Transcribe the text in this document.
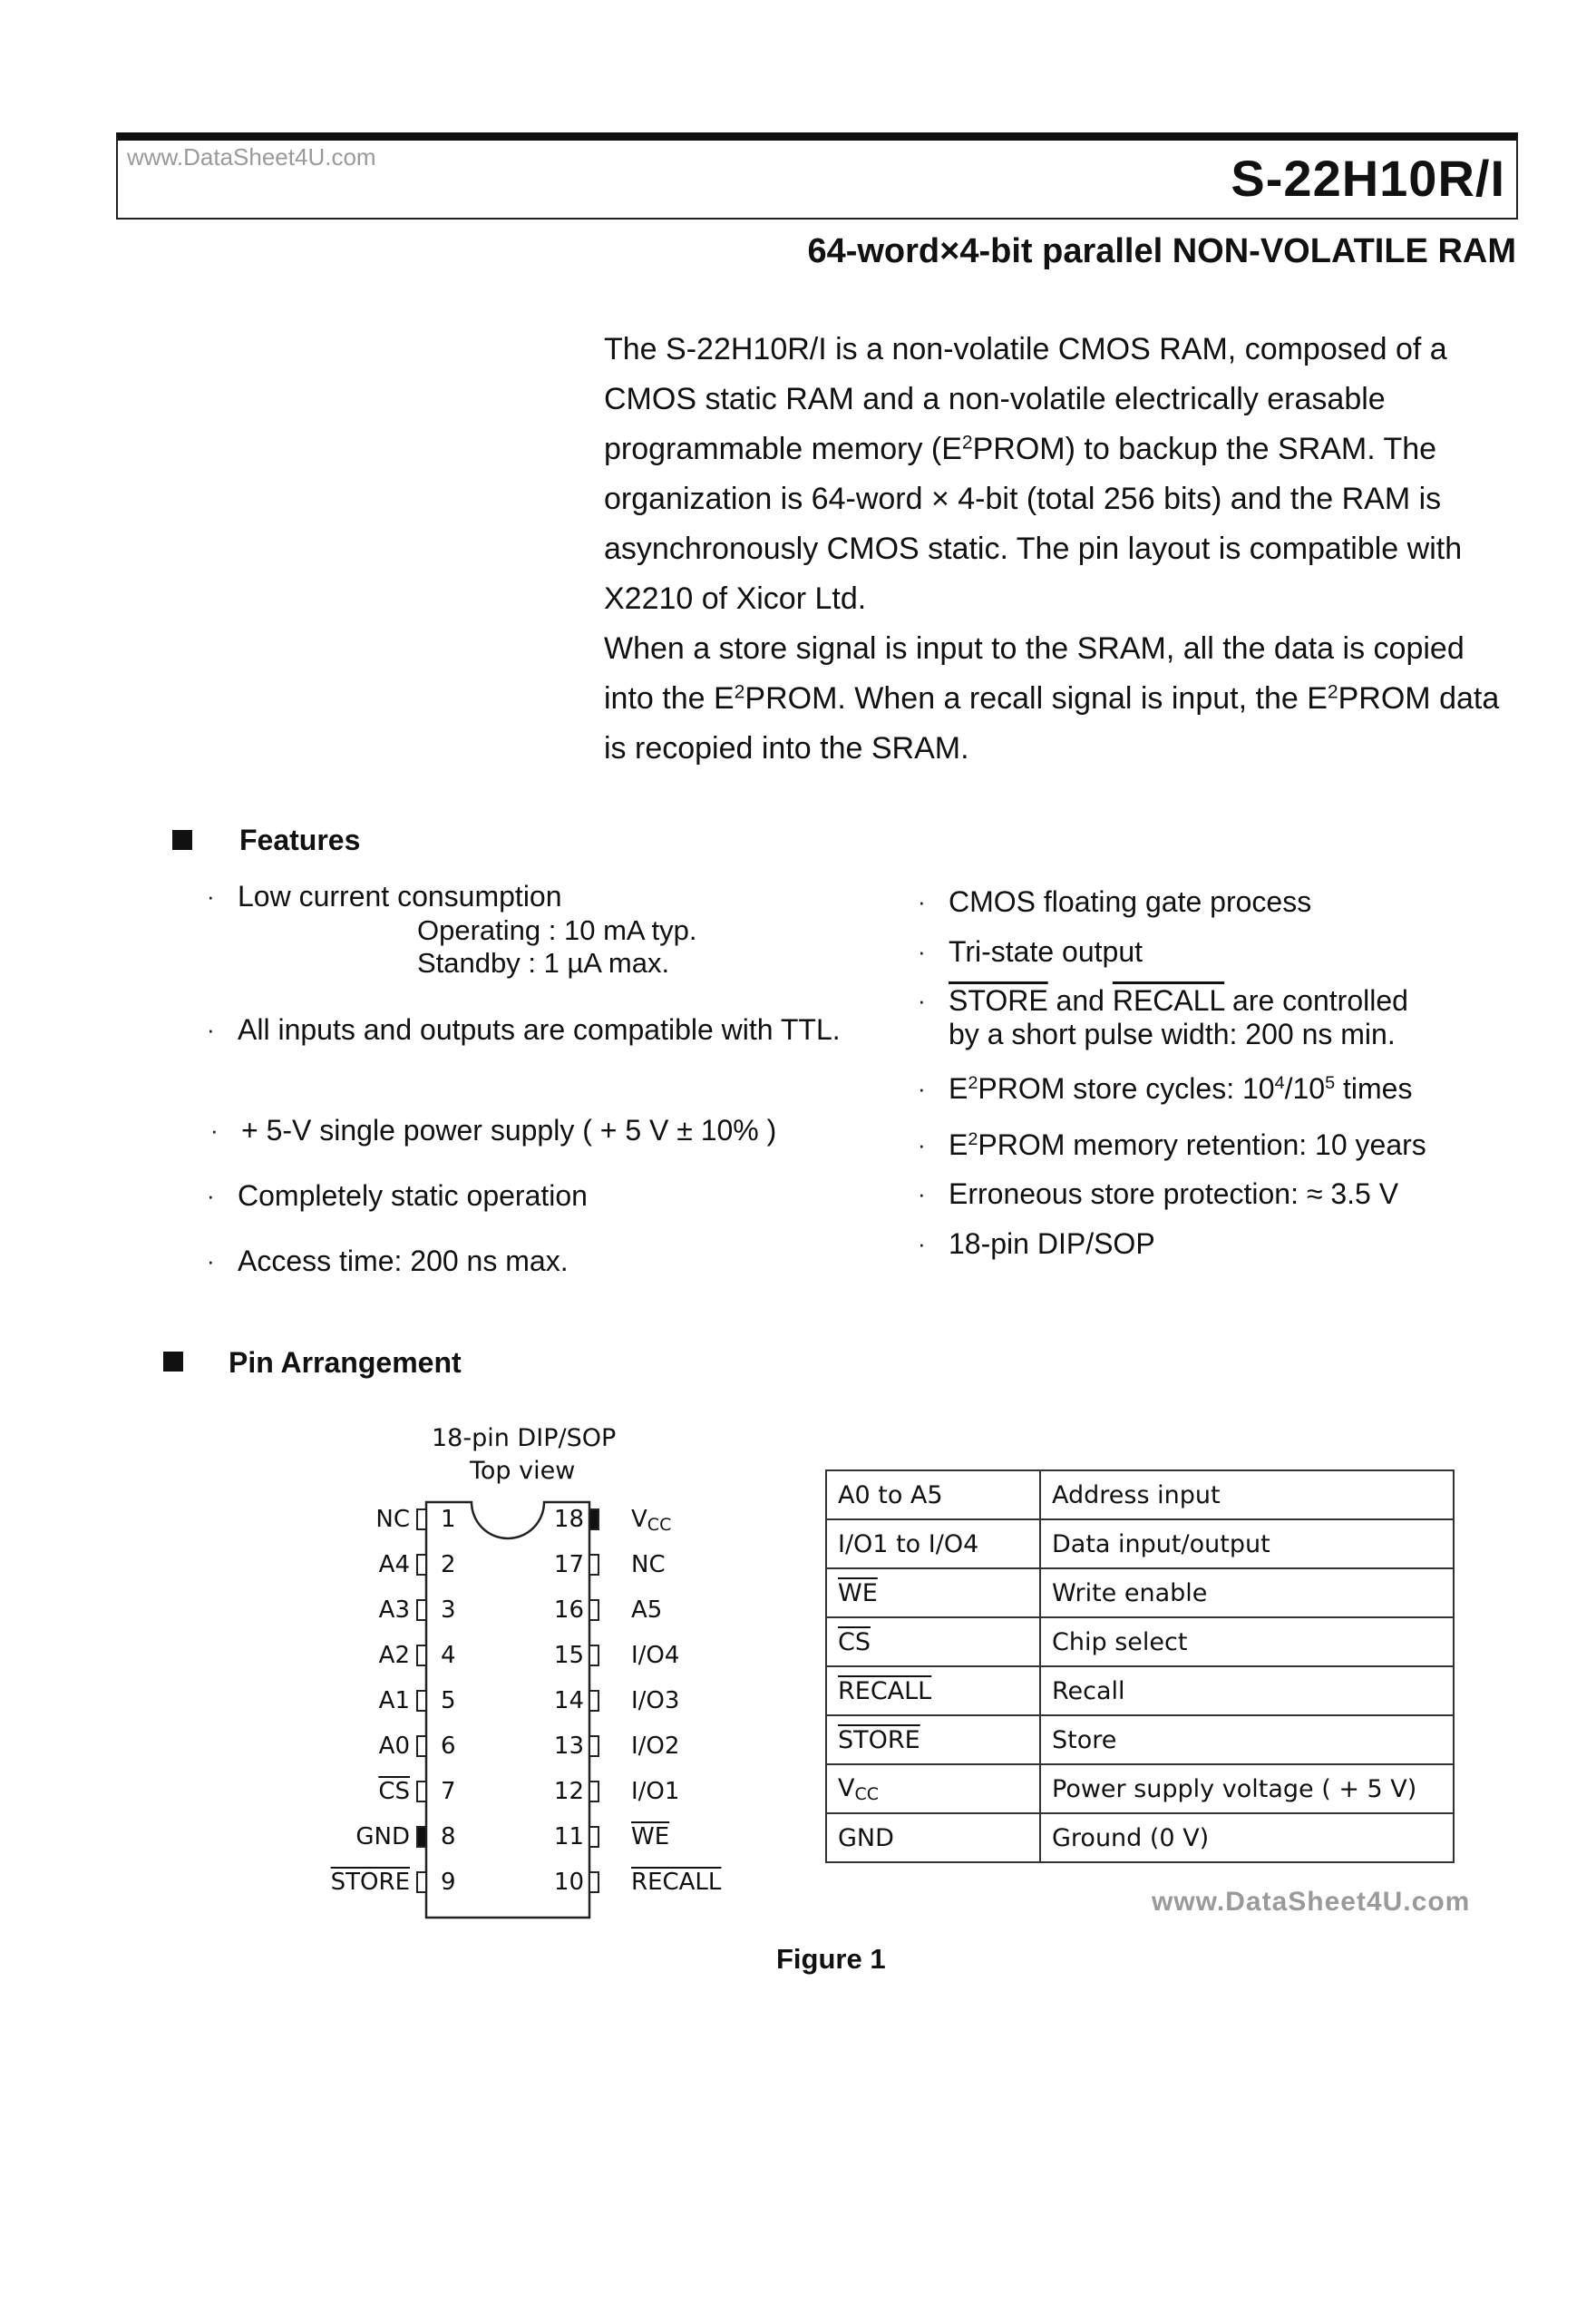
www.DataSheet4U.com	S-22H10R/I
64-word×4-bit parallel NON-VOLATILE RAM

The S-22H10R/I is a non-volatile CMOS RAM, composed of a CMOS static RAM and a non-volatile electrically erasable programmable memory $(E^2PROM)$ to backup the SRAM. The organization is 64-word × 4-bit (total 256 bits) and the RAM is asynchronously CMOS static. The pin layout is compatible with X2210 of Xicor Ltd.

When a store signal is input to the SRAM, all the data is copied into the $E^2PROM$. When a recall signal is input, the $E^2PROM$ data is recopied into the SRAM.

Features
· Low current consumption
Operating : 10 mA typ.
Standby : 1 µA max.
· All inputs and outputs are compatible with TTL.
· + 5-V single power supply ( + 5 V ± 10% )
· Completely static operation
· Access time: 200 ns max.
· CMOS floating gate process
· Tri-state output
· STORE and RECALL are controlled
by a short pulse width: 200 ns min.
· $E^2PROM$ store cycles: $10^4/10^5$ times
· $E^2PROM$ memory retention: 10 years
· Erroneous store protection: ≈ 3.5 V
· 18-pin DIP/SOP
Pin Arrangement
18-pin DIP/SOP
Top view
A0 to A5	Address input
I/O1 to I/O4	Data input/output
$\overline{WE}$	Write enable
$\overline{CS}$	Chip select
RECALL	Recall
STORE	Store
VCC	Power supply voltage ( + 5 V)
GND	Ground (0 V)
www.DataSheet4U.com
Figure 1
1
NC
2
A4
3
A3
4
A2
5
A1
6
A0
7
$\overline{CS}$
8
GND
9
STORE
18 VCC
17 NC
16 A5
15 I/O4
14 I/O3
13 I/O2
12 I/O1
11 $\overline{WE}$
10 RECALL
